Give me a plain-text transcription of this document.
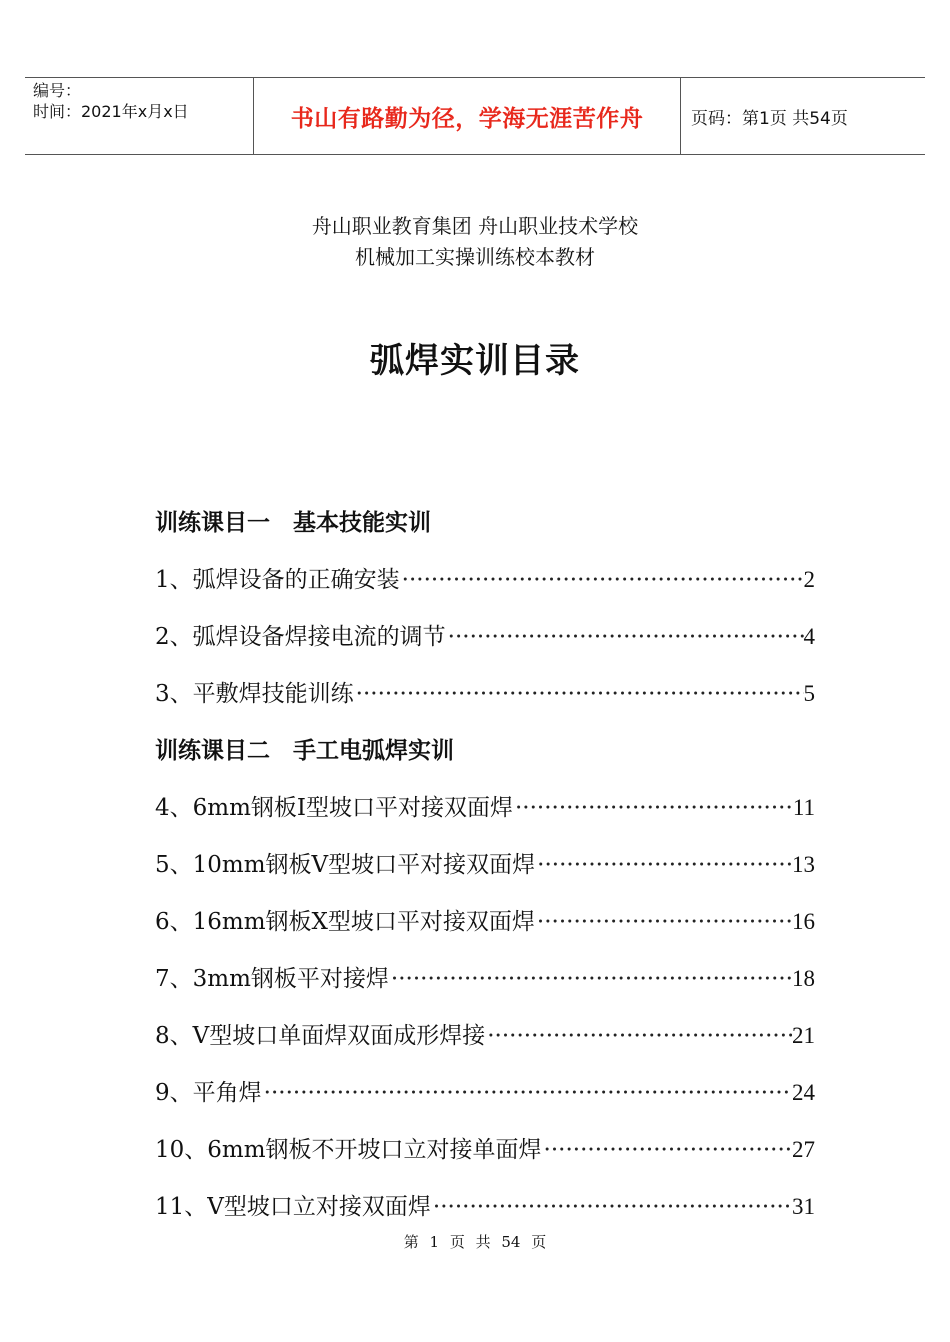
编号：
时间：2021年x月x日	书山有路勤为径，学海无涯苦作舟	页码：第1页 共54页
舟山职业教育集团 舟山职业技术学校
机械加工实操训练校本教材
弧焊实训目录
训练课目一　基本技能实训
1、弧焊设备的正确安装 ·····	2
2、弧焊设备焊接电流的调节 ·····	4
3、平敷焊技能训练 ·····	5
训练课目二　手工电弧焊实训
4、6mm钢板I型坡口平对接双面焊 ·····	11
5、10mm钢板Ⅴ型坡口平对接双面焊 ·····	13
6、16mm钢板X型坡口平对接双面焊 ·····	16
7、3mm钢板平对接焊 ·····	18
8、Ⅴ型坡口单面焊双面成形焊接 ·····	21
9、平角焊 ·····	24
10、6mm钢板不开坡口立对接单面焊 ·····	27
11、Ⅴ型坡口立对接双面焊 ·····	31
第 1 页 共 54 页
